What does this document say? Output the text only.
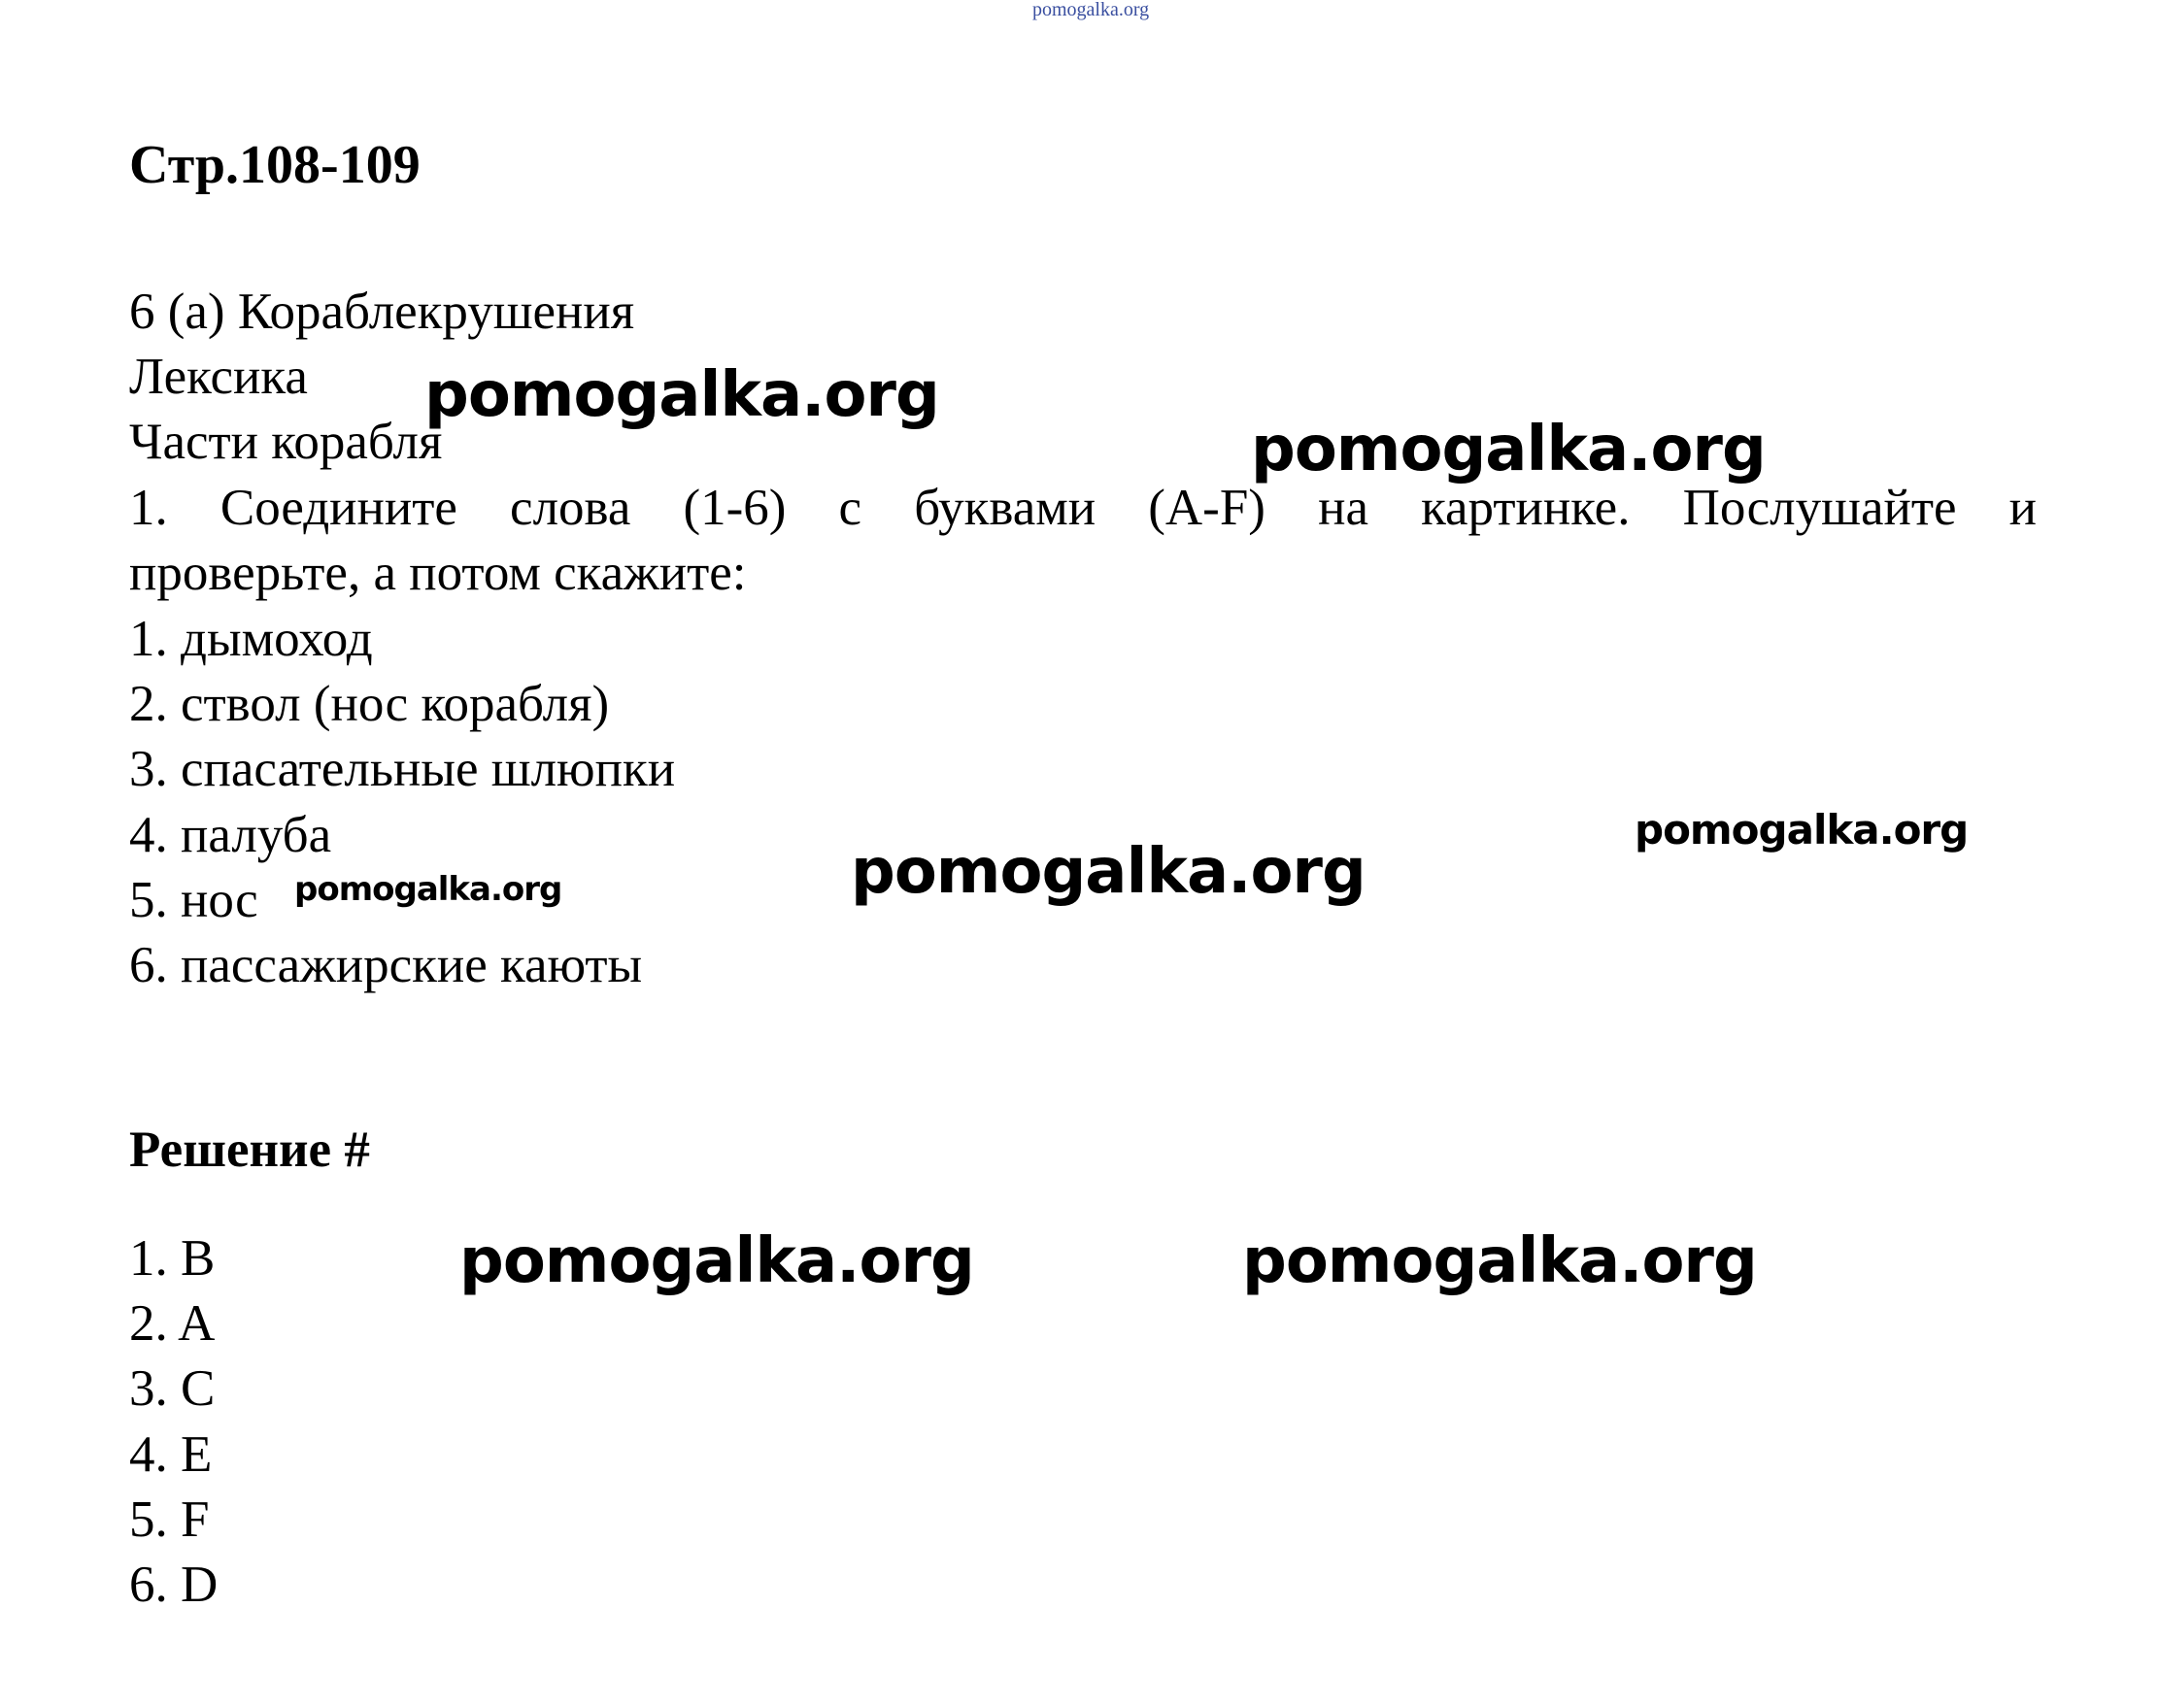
pomogalka.org
Стр.108-109
6 (a) Кораблекрушения
Лексика
Части корабля
1. Соедините слова (1-6) с буквами (A-F) на картинке. Послушайте и
проверьте, а потом скажите:
1. дымоход
2. ствол (нос корабля)
3. спасательные шлюпки
4. палуба
5. нос
6. пассажирские каюты
Решение #
1. B
2. A
3. C
4. E
5. F
6. D
pomogalka.org
pomogalka.org
pomogalka.org
pomogalka.org
pomogalka.org
pomogalka.org	pomogalka.org
